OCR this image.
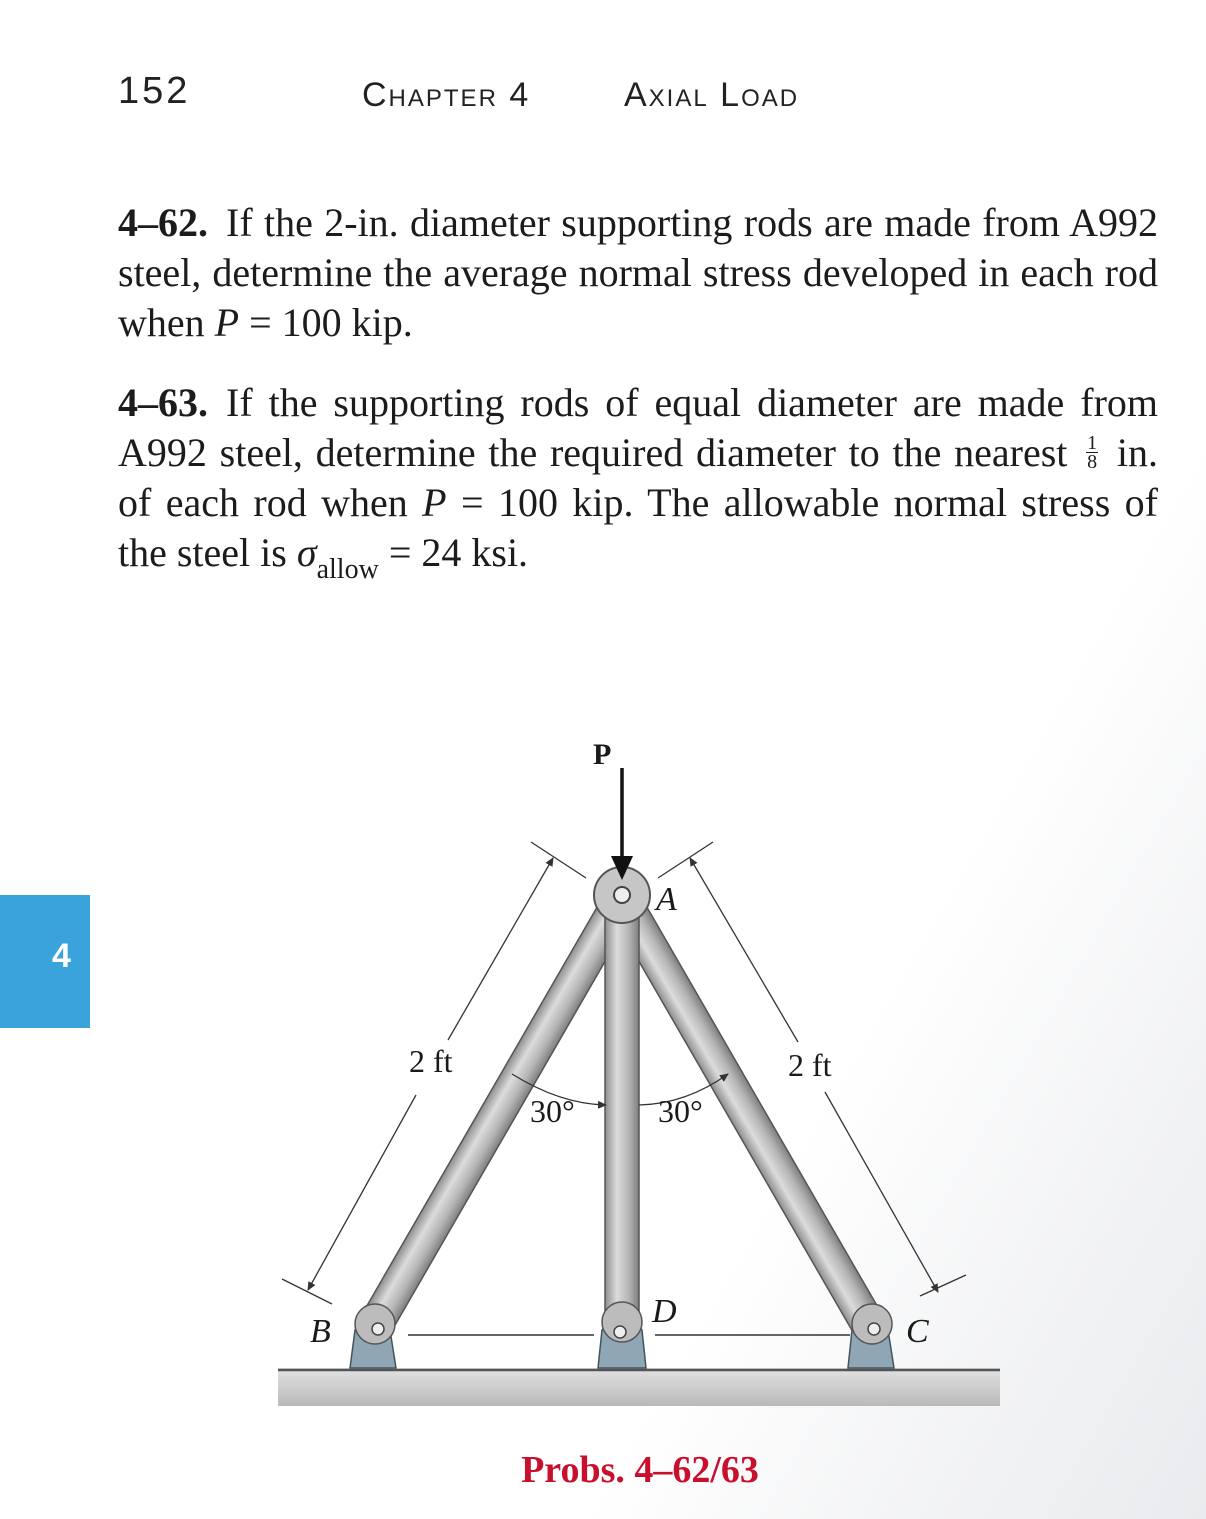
152	Chapter 4	Axial Load
4–62. If the 2-in. diameter supporting rods are made from A992 steel, determine the average normal stress developed in each rod when P = 100 kip.
4–63. If the supporting rods of equal diameter are made from A992 steel, determine the required diameter to the nearest $\frac{1}{8}$ in. of each rod when P = 100 kip. The allowable normal stress of the steel is $\sigma_{allow} = 24$ ksi.
4
P
A
B	C
D
2 ft	2 ft
30°	30°
Probs. 4–62/63
